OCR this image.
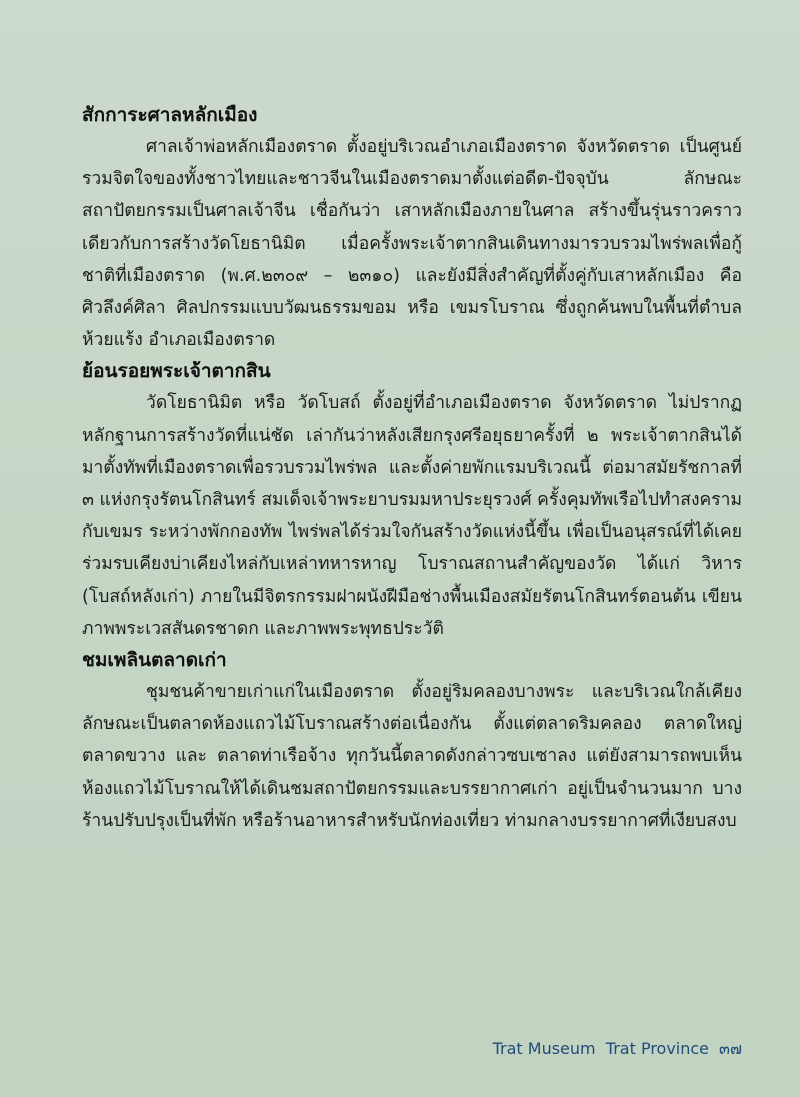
สักการะศาลหลักเมือง

ศาลเจ้าพ่อหลักเมืองตราด ตั้งอยู่บริเวณอำเภอเมืองตราด จังหวัดตราด เป็นศูนย์รวมจิตใจของทั้งชาวไทยและชาวจีนในเมืองตราดมาตั้งแต่อดีต-ปัจจุบัน ลักษณะสถาปัตยกรรมเป็นศาลเจ้าจีน เชื่อกันว่า เสาหลักเมืองภายในศาล สร้างขึ้นรุ่นราวคราวเดียวกับการสร้างวัดโยธานิมิต เมื่อครั้งพระเจ้าตากสินเดินทางมารวบรวมไพร่พลเพื่อกู้ชาติที่เมืองตราด (พ.ศ.๒๓๐๙ – ๒๓๑๐) และยังมีสิ่งสำคัญที่ตั้งคู่กับเสาหลักเมือง คือ ศิวลึงค์ศิลา ศิลปกรรมแบบวัฒนธรรมขอม หรือ เขมรโบราณ ซึ่งถูกค้นพบในพื้นที่ตำบลห้วยแร้ง อำเภอเมืองตราด

ย้อนรอยพระเจ้าตากสิน

วัดโยธานิมิต หรือ วัดโบสถ์ ตั้งอยู่ที่อำเภอเมืองตราด จังหวัดตราด ไม่ปรากฏหลักฐานการสร้างวัดที่แน่ชัด เล่ากันว่าหลังเสียกรุงศรีอยุธยาครั้งที่ ๒ พระเจ้าตากสินได้มาตั้งทัพที่เมืองตราดเพื่อรวบรวมไพร่พล และตั้งค่ายพักแรมบริเวณนี้ ต่อมาสมัยรัชกาลที่ ๓ แห่งกรุงรัตนโกสินทร์ สมเด็จเจ้าพระยาบรมมหาประยุรวงศ์ ครั้งคุมทัพเรือไปทำสงครามกับเขมร ระหว่างพักกองทัพ ไพร่พลได้ร่วมใจกันสร้างวัดแห่งนี้ขึ้น เพื่อเป็นอนุสรณ์ที่ได้เคยร่วมรบเคียงบ่าเคียงไหล่กับเหล่าทหารหาญ โบราณสถานสำคัญของวัด ได้แก่ วิหาร (โบสถ์หลังเก่า) ภายในมีจิตรกรรมฝาผนังฝีมือช่างพื้นเมืองสมัยรัตนโกสินทร์ตอนต้น เขียนภาพพระเวสสันดรชาดก และภาพพระพุทธประวัติ

ชมเพลินตลาดเก่า

ชุมชนค้าขายเก่าแก่ในเมืองตราด ตั้งอยู่ริมคลองบางพระ และบริเวณใกล้เคียง ลักษณะเป็นตลาดห้องแถวไม้โบราณสร้างต่อเนื่องกัน ตั้งแต่ตลาดริมคลอง ตลาดใหญ่ ตลาดขวาง และ ตลาดท่าเรือจ้าง ทุกวันนี้ตลาดดังกล่าวซบเซาลง แต่ยังสามารถพบเห็นห้องแถวไม้โบราณให้ได้เดินชมสถาปัตยกรรมและบรรยากาศเก่า อยู่เป็นจำนวนมาก บางร้านปรับปรุงเป็นที่พัก หรือร้านอาหารสำหรับนักท่องเที่ยว ท่ามกลางบรรยากาศที่เงียบสงบ

Trat Museum  Trat Province ๓๗
